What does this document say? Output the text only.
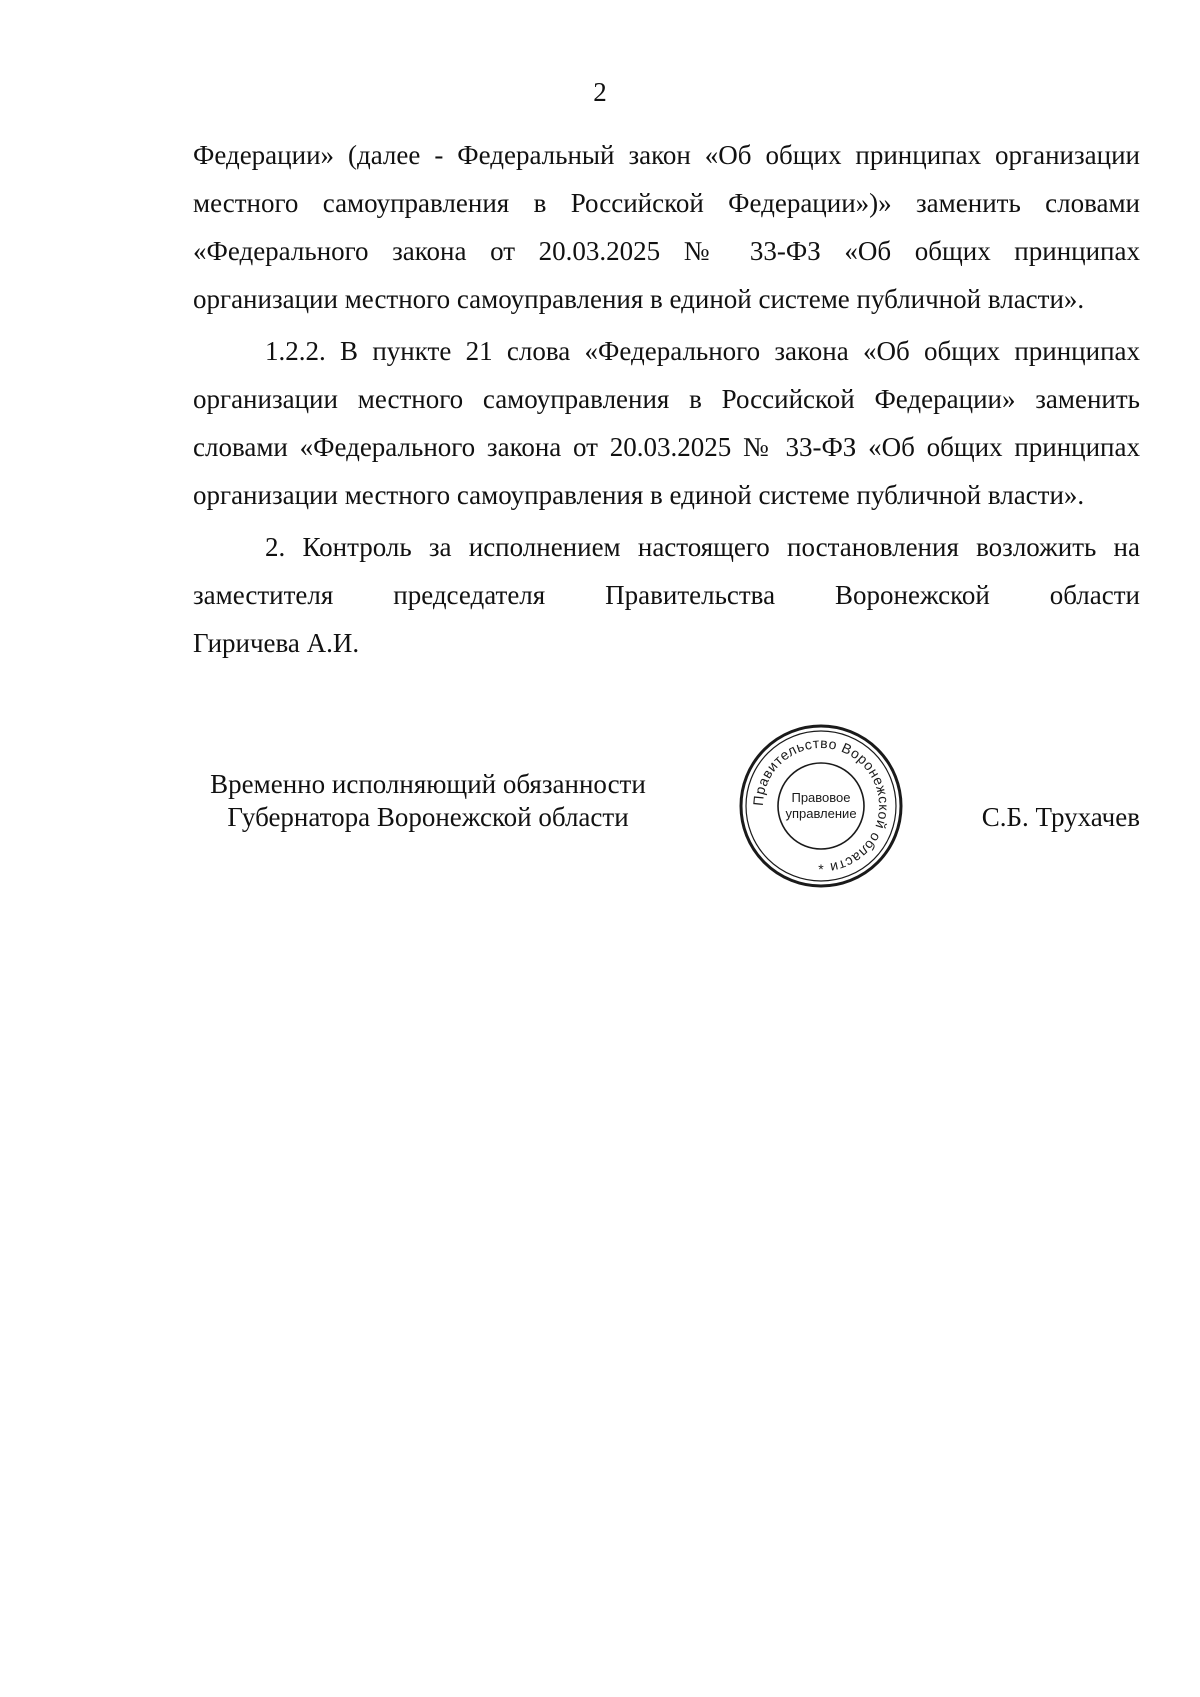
2

Федерации» (далее - Федеральный закон «Об общих принципах организации

местного самоуправления в Российской Федерации»)» заменить словами

«Федерального закона от 20.03.2025 № 33-ФЗ «Об общих принципах

организации местного самоуправления в единой системе публичной власти».

1.2.2. В пункте 21 слова «Федерального закона «Об общих принципах

организации местного самоуправления в Российской Федерации» заменить

словами «Федерального закона от 20.03.2025 № 33-ФЗ «Об общих принципах

организации местного самоуправления в единой системе публичной власти».

2. Контроль за исполнением настоящего постановления возложить на

заместителя председателя Правительства Воронежской области

Гиричева А.И.

Временно исполняющий обязанности
Губернатора Воронежской области
Правительство Воронежской области
Правовое
управление
*
С.Б. Трухачев
